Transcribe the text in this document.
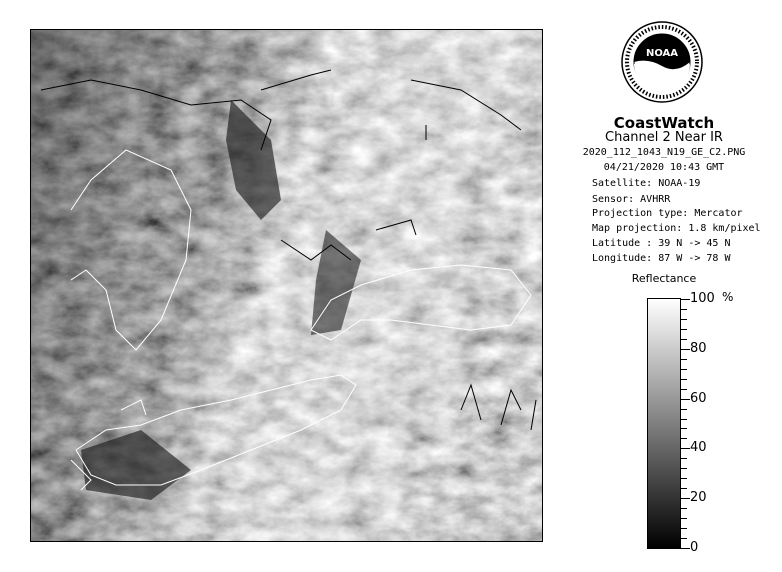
NOAA
CoastWatch
Channel 2 Near IR
2020_112_1043_N19_GE_C2.PNG
04/21/2020 10:43 GMT
Satellite: NOAA-19
Sensor: AVHRR
Projection type: Mercator
Map projection: 1.8 km/pixel
Latitude : 39 N -> 45 N
Longitude: 87 W -> 78 W
Reflectance
%
100
80
60
40
20
0
